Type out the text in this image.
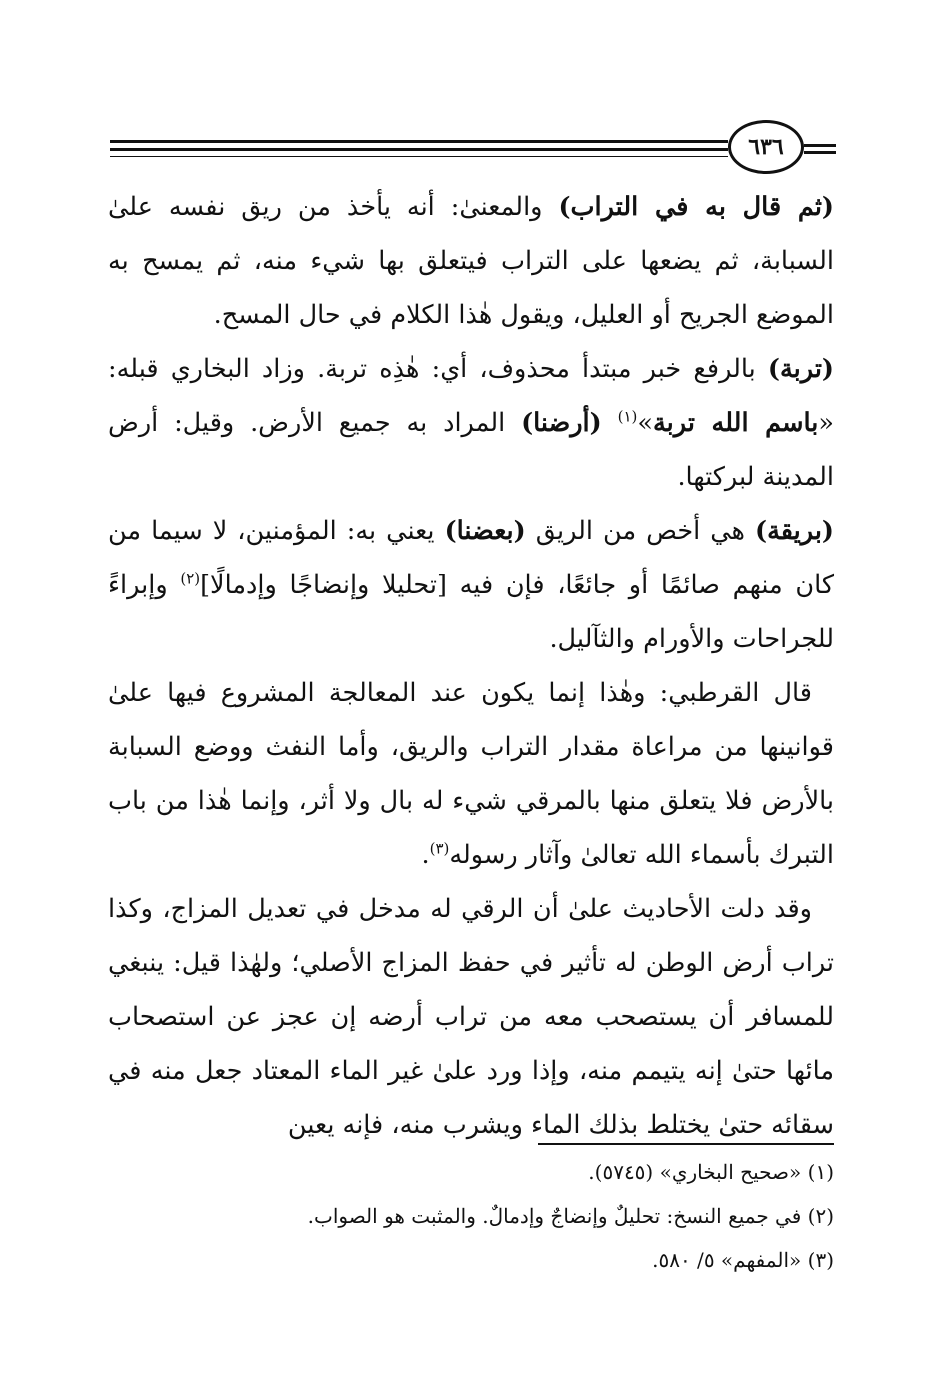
٦٣٦

(ثم قال به في التراب) والمعنىٰ: أنه يأخذ من ريق نفسه علىٰ السبابة، ثم يضعها على التراب فيتعلق بها شيء منه، ثم يمسح به الموضع الجريح أو العليل، ويقول هٰذا الكلام في حال المسح.

(تربة) بالرفع خبر مبتدأ محذوف، أي: هٰذِه تربة. وزاد البخاري قبله: «باسم الله تربة»$^{(١)}$ (أرضنا) المراد به جميع الأرض. وقيل: أرض المدينة لبركتها.

(بريقة) هي أخص من الريق (بعضنا) يعني به: المؤمنين، لا سيما من كان منهم صائمًا أو جائعًا، فإن فيه [تحليلا وإنضاجًا وإدمالًا]$^{(٢)}$ وإبراءً للجراحات والأورام والثآليل.

قال القرطبي: وهٰذا إنما يكون عند المعالجة المشروع فيها علىٰ قوانينها من مراعاة مقدار التراب والريق، وأما النفث ووضع السبابة بالأرض فلا يتعلق منها بالمرقي شيء له بال ولا أثر، وإنما هٰذا من باب التبرك بأسماء الله تعالىٰ وآثار رسوله$^{(٣)}$.

وقد دلت الأحاديث علىٰ أن الرقي له مدخل في تعديل المزاج، وكذا تراب أرض الوطن له تأثير في حفظ المزاج الأصلي؛ ولهٰذا قيل: ينبغي للمسافر أن يستصحب معه من تراب أرضه إن عجز عن استصحاب مائها حتىٰ إنه يتيمم منه، وإذا ورد علىٰ غير الماء المعتاد جعل منه في سقائه حتىٰ يختلط بذلك الماء ويشرب منه، فإنه يعين

(١) «صحيح البخاري» (٥٧٤٥).

(٢) في جميع النسخ: تحليلٌ وإنضاجٌ وإدمالٌ. والمثبت هو الصواب.

(٣) «المفهم» ٥/ ٥٨٠.
